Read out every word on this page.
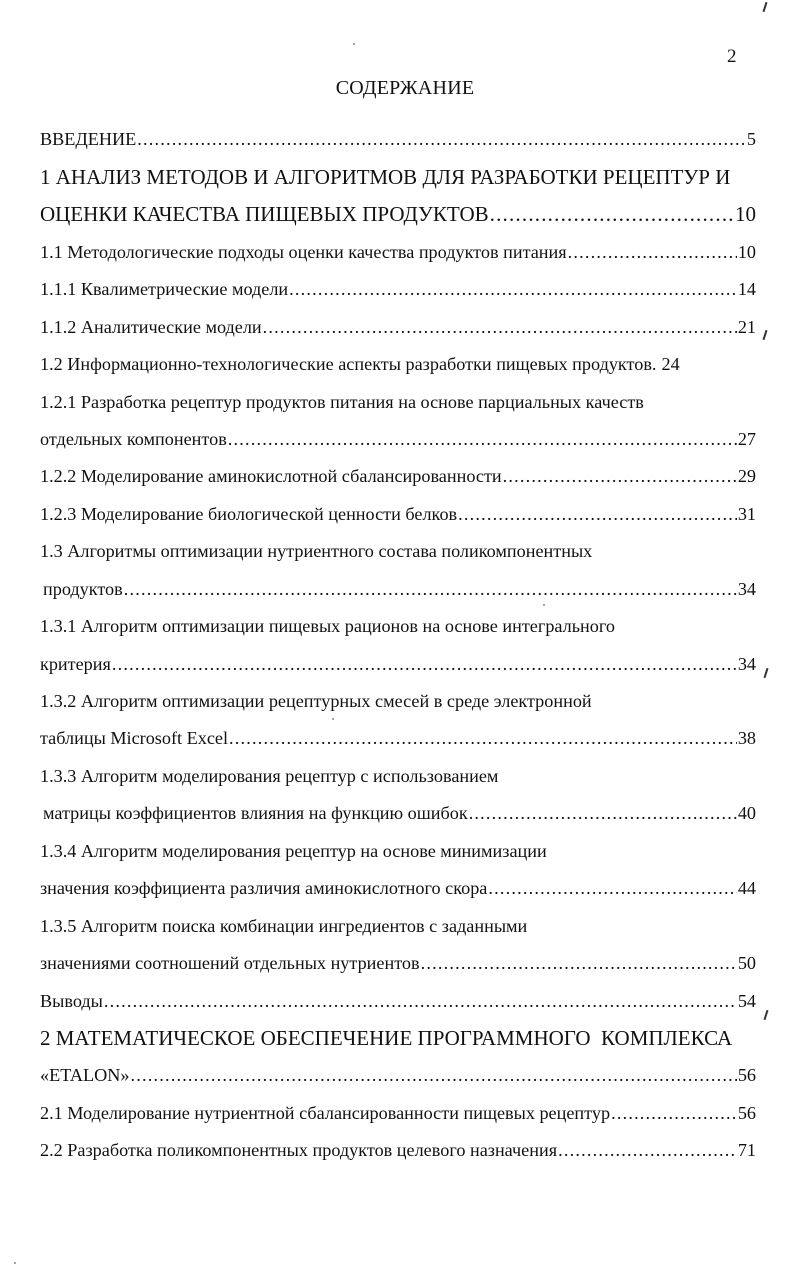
2
СОДЕРЖАНИЕ
ВВЕДЕНИЕ .....	5
1 АНАЛИЗ МЕТОДОВ И АЛГОРИТМОВ ДЛЯ РАЗРАБОТКИ РЕЦЕПТУР И
ОЦЕНКИ КАЧЕСТВА ПИЩЕВЫХ ПРОДУКТОВ .....	10
1.1 Методологические подходы оценки качества продуктов питания .....	10
1.1.1 Квалиметрические модели .....	14
1.1.2 Аналитические модели .....	21
1.2 Информационно-технологические аспекты разработки пищевых продуктов. 24
1.2.1 Разработка рецептур продуктов питания на основе парциальных качеств
отдельных компонентов .....	27
1.2.2 Моделирование аминокислотной сбалансированности .....	29
1.2.3 Моделирование биологической ценности белков .....	31
1.3 Алгоритмы оптимизации нутриентного состава поликомпонентных
продуктов .....	34
1.3.1 Алгоритм оптимизации пищевых рационов на основе интегрального
критерия .....	34
1.3.2 Алгоритм оптимизации рецептурных смесей в среде электронной
таблицы Microsoft Excel .....	38
1.3.3 Алгоритм моделирования рецептур с использованием
матрицы коэффициентов влияния на функцию ошибок .....	40
1.3.4 Алгоритм моделирования рецептур на основе минимизации
значения коэффициента различия аминокислотного скора .....	44
1.3.5 Алгоритм поиска комбинации ингредиентов с заданными
значениями соотношений отдельных нутриентов .....	50
Выводы .....	54
2 МАТЕМАТИЧЕСКОЕ ОБЕСПЕЧЕНИЕ ПРОГРАММНОГО  КОМПЛЕКСА
«ETALON» .....	56
2.1 Моделирование нутриентной сбалансированности пищевых рецептур .....	56
2.2 Разработка поликомпонентных продуктов целевого назначения .....	71
